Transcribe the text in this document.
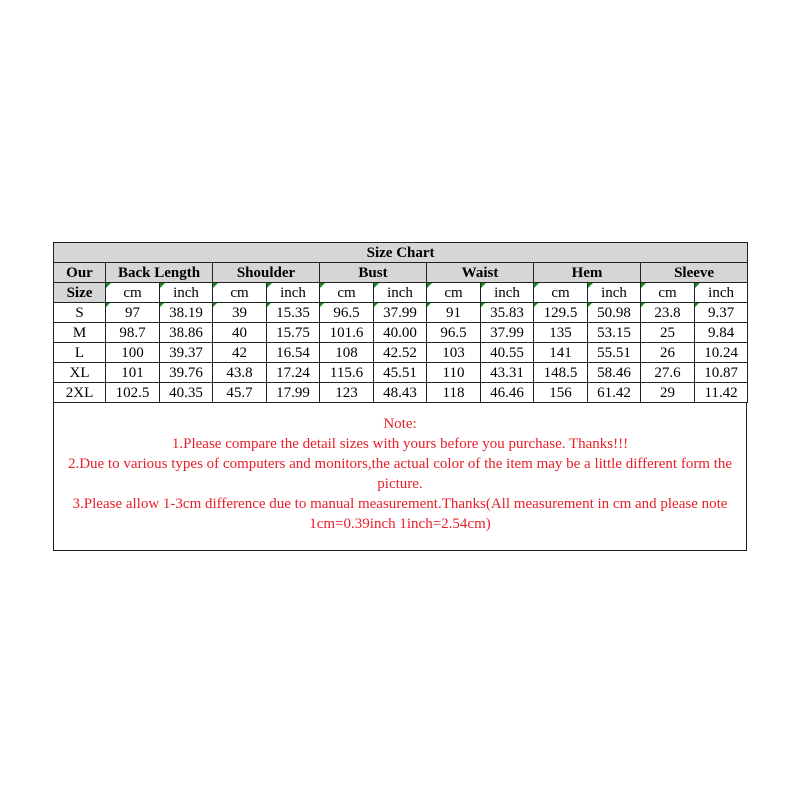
Size Chart												
Our	Back Length		Shoulder		Bust		Waist		Hem		Sleeve	
Size	cm	inch	cm	inch	cm	inch	cm	inch	cm	inch	cm	inch
S	97	38.19	39	15.35	96.5	37.99	91	35.83	129.5	50.98	23.8	9.37
M	98.7	38.86	40	15.75	101.6	40.00	96.5	37.99	135	53.15	25	9.84
L	100	39.37	42	16.54	108	42.52	103	40.55	141	55.51	26	10.24
XL	101	39.76	43.8	17.24	115.6	45.51	110	43.31	148.5	58.46	27.6	10.87
2XL	102.5	40.35	45.7	17.99	123	48.43	118	46.46	156	61.42	29	11.42

Note:

1.Please compare the detail sizes with yours before you purchase. Thanks!!!

2.Due to various types of computers and monitors,the actual color of the item may be a little different form the picture.

3.Please allow 1-3cm difference due to manual measurement.Thanks(All measurement in cm and please note 1cm=0.39inch 1inch=2.54cm)
